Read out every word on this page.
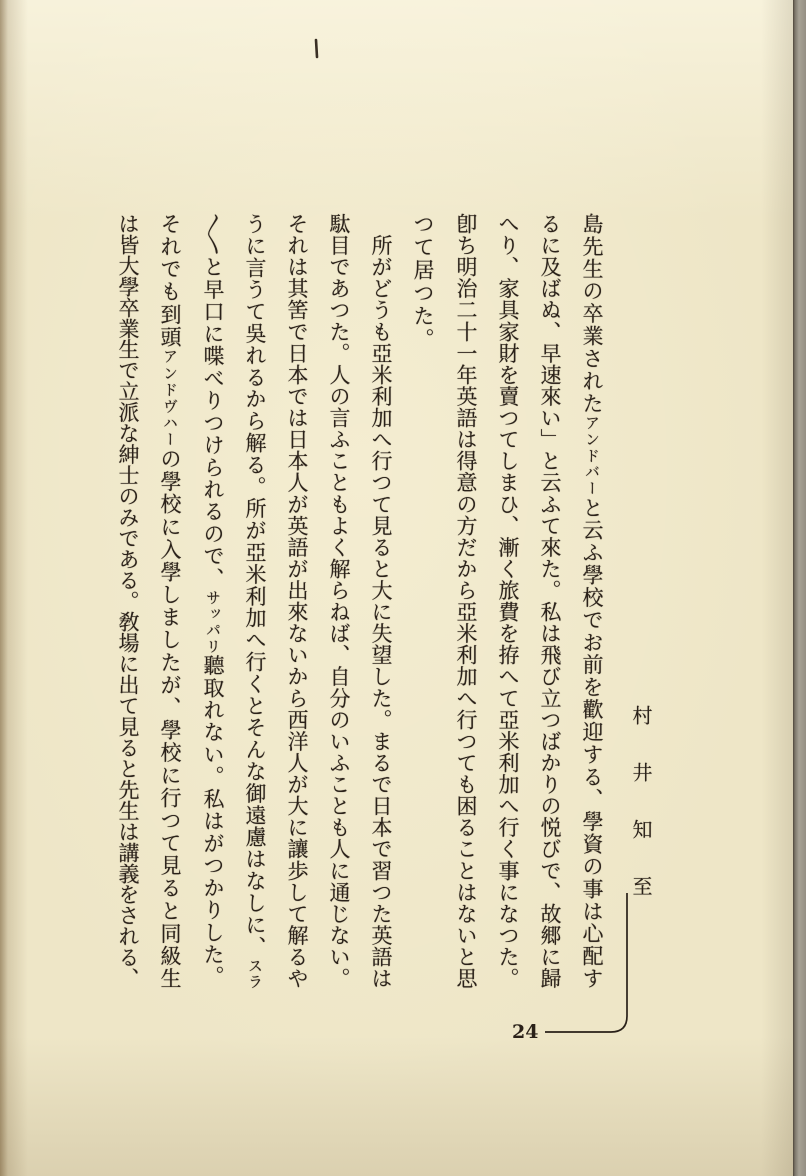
島先生の卒業されたアンドバーと云ふ學校でお前を歡迎する、學資の事は心配す
るに及ばぬ、早速來い」と云ふて來た。私は飛び立つばかりの悦びで、故郷に歸
へり、家具家財を賣つてしまひ、漸く旅費を拵へて亞米利加へ行く事になつた。
卽ち明治二十一年英語は得意の方だから亞米利加へ行つても困ることはないと思
つて居つた。
　所がどうも亞米利加へ行つて見ると大に失望した。まるで日本で習つた英語は
駄目であつた。人の言ふこともよく解らねば、自分のいふことも人に通じない。
それは其筈で日本では日本人が英語が出來ないから西洋人が大に讓歩して解るや
うに言うて吳れるから解る。所が亞米利加へ行くとそんな御遠慮はなしに、スラ
〳〵と早口に喋べりつけられるので、サッパリ聽取れない。私はがつかりした。
それでも到頭アンドヴハーの學校に入學しましたが、學校に行つて見ると同級生
は皆大學卒業生で立派な紳士のみである。敎場に出て見ると先生は講義をされる、	村井知至
24
